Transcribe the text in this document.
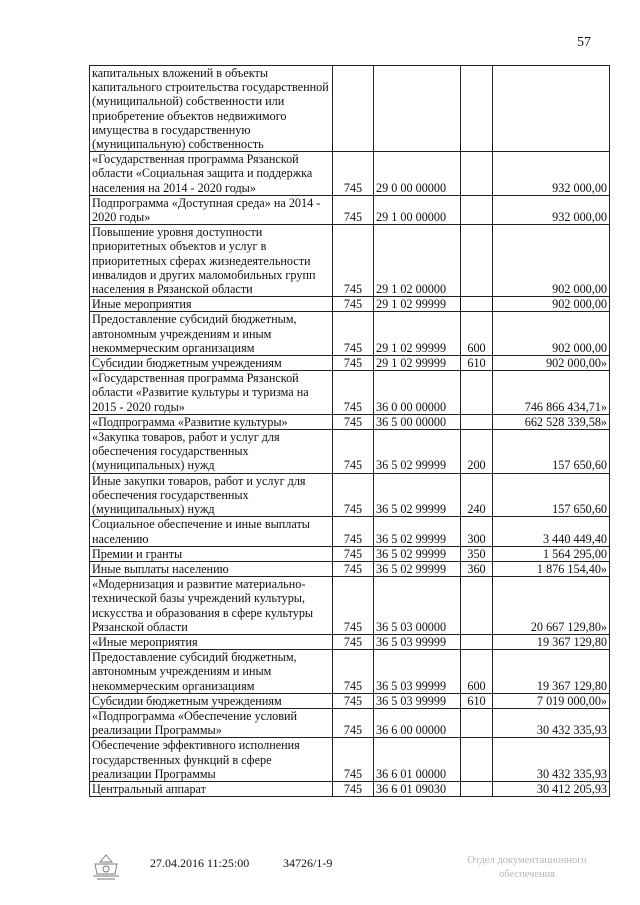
57
капитальных вложений в объекты капитального строительства государственной (муниципальной) собственности или приобретение объектов недвижимого имущества в государственную (муниципальную) собственность				
«Государственная программа Рязанской области «Социальная защита и поддержка населения на 2014 - 2020 годы»	745	29 0 00 00000		932 000,00
Подпрограмма «Доступная среда» на 2014 - 2020 годы»	745	29 1 00 00000		932 000,00
Повышение уровня доступности приоритетных объектов и услуг в приоритетных сферах жизнедеятельности инвалидов и других маломобильных групп населения в Рязанской области	745	29 1 02 00000		902 000,00
Иные мероприятия	745	29 1 02 99999		902 000,00
Предоставление субсидий бюджетным, автономным учреждениям и иным некоммерческим организациям	745	29 1 02 99999	600	902 000,00
Субсидии бюджетным учреждениям	745	29 1 02 99999	610	902 000,00»
«Государственная программа Рязанской области «Развитие культуры и туризма на 2015 - 2020 годы»	745	36 0 00 00000		746 866 434,71»
«Подпрограмма «Развитие культуры»	745	36 5 00 00000		662 528 339,58»
«Закупка товаров, работ и услуг для обеспечения государственных (муниципальных) нужд	745	36 5 02 99999	200	157 650,60
Иные закупки товаров, работ и услуг для обеспечения государственных (муниципальных) нужд	745	36 5 02 99999	240	157 650,60
Социальное обеспечение и иные выплаты населению	745	36 5 02 99999	300	3 440 449,40
Премии и гранты	745	36 5 02 99999	350	1 564 295,00
Иные выплаты населению	745	36 5 02 99999	360	1 876 154,40»
«Модернизация и развитие материально-технической базы учреждений культуры, искусства и образования в сфере культуры Рязанской области	745	36 5 03 00000		20 667 129,80»
«Иные мероприятия	745	36 5 03 99999		19 367 129,80
Предоставление субсидий бюджетным, автономным учреждениям и иным некоммерческим организациям	745	36 5 03 99999	600	19 367 129,80
Субсидии бюджетным учреждениям	745	36 5 03 99999	610	7 019 000,00»
«Подпрограмма «Обеспечение условий реализации Программы»	745	36 6 00 00000		30 432 335,93
Обеспечение эффективного исполнения государственных функций в сфере реализации Программы	745	36 6 01 00000		30 432 335,93
Центральный аппарат	745	36 6 01 09030		30 412 205,93
27.04.2016 11:25:00	34726/1-9	Отдел документационного
обеспечения
